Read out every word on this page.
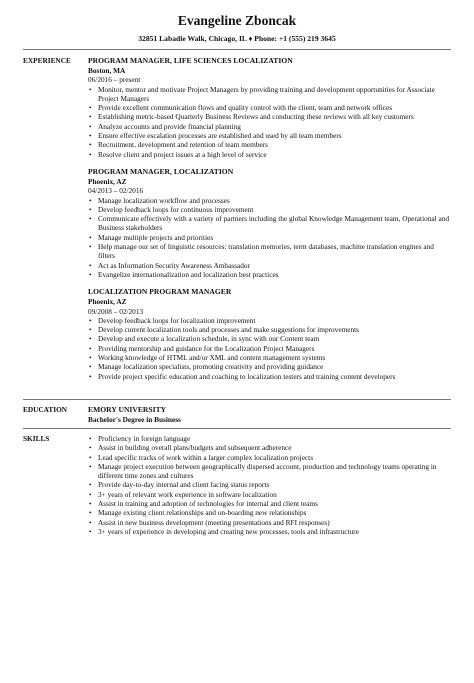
Evangeline Zboncak
32851 Labadie Walk, Chicago, IL ♦ Phone: +1 (555) 219 3645
EXPERIENCE	PROGRAM MANAGER, LIFE SCIENCES LOCALIZATION
Boston, MA
06/2016 – present
• Monitor, mentor and motivate Project Managers by providing training and development opportunities for Associate Project Managers
• Provide excellent communication flows and quality control with the client, team and network offices
• Establishing metric-based Quarterly Business Reviews and conducting these reviews with all key customers
• Analyze accounts and provide financial planning
• Ensure effective escalation processes are established and used by all team members
• Recruitment, development and retention of team members
• Resolve client and project issues at a high level of service
PROGRAM MANAGER, LOCALIZATION
Phoenix, AZ
04/2013 – 02/2016
• Manage localization workflow and processes
• Develop feedback loops for continuous improvement
• Communicate effectively with a variety of partners including the global Knowledge Management team, Operational and Business stakeholders
• Manage multiple projects and priorities
• Help manage our set of linguistic resources: translation memories, term databases, machine translation engines and filters
• Act as Information Security Awareness Ambassador
• Evangelize internationalization and localization best practices
LOCALIZATION PROGRAM MANAGER
Phoenix, AZ
09/2008 – 02/2013
• Develop feedback loops for localization improvement
• Develop current localization tools and processes and make suggestions for improvements
• Develop and execute a localization schedule, in sync with our Content team
• Providing mentorship and guidance for the Localization Project Managers
• Working knowledge of HTML and/or XML and content management systems
• Manage localization specialists, promoting creativity and providing guidance
• Provide project specific education and coaching to localization testers and training content developers
EDUCATION	EMORY UNIVERSITY
Bachelor's Degree in Business
SKILLS
•	Proficiency in foreign language
• Assist in building overall plans/budgets and subsequent adherence
• Lead specific tracks of work within a larger complex localization projects
• Manage project execution between geographically dispersed account, production and technology teams operating in different time zones and cultures
• Provide day-to-day internal and client facing status reports
• 3+ years of relevant work experience in software localization
• Assist in training and adoption of technologies for internal and client teams
• Manage existing client relationships and on-boarding new relationships
• Assist in new business development (meeting presentations and RFI responses)
• 3+ years of experience in developing and creating new processes, tools and infrastructure
